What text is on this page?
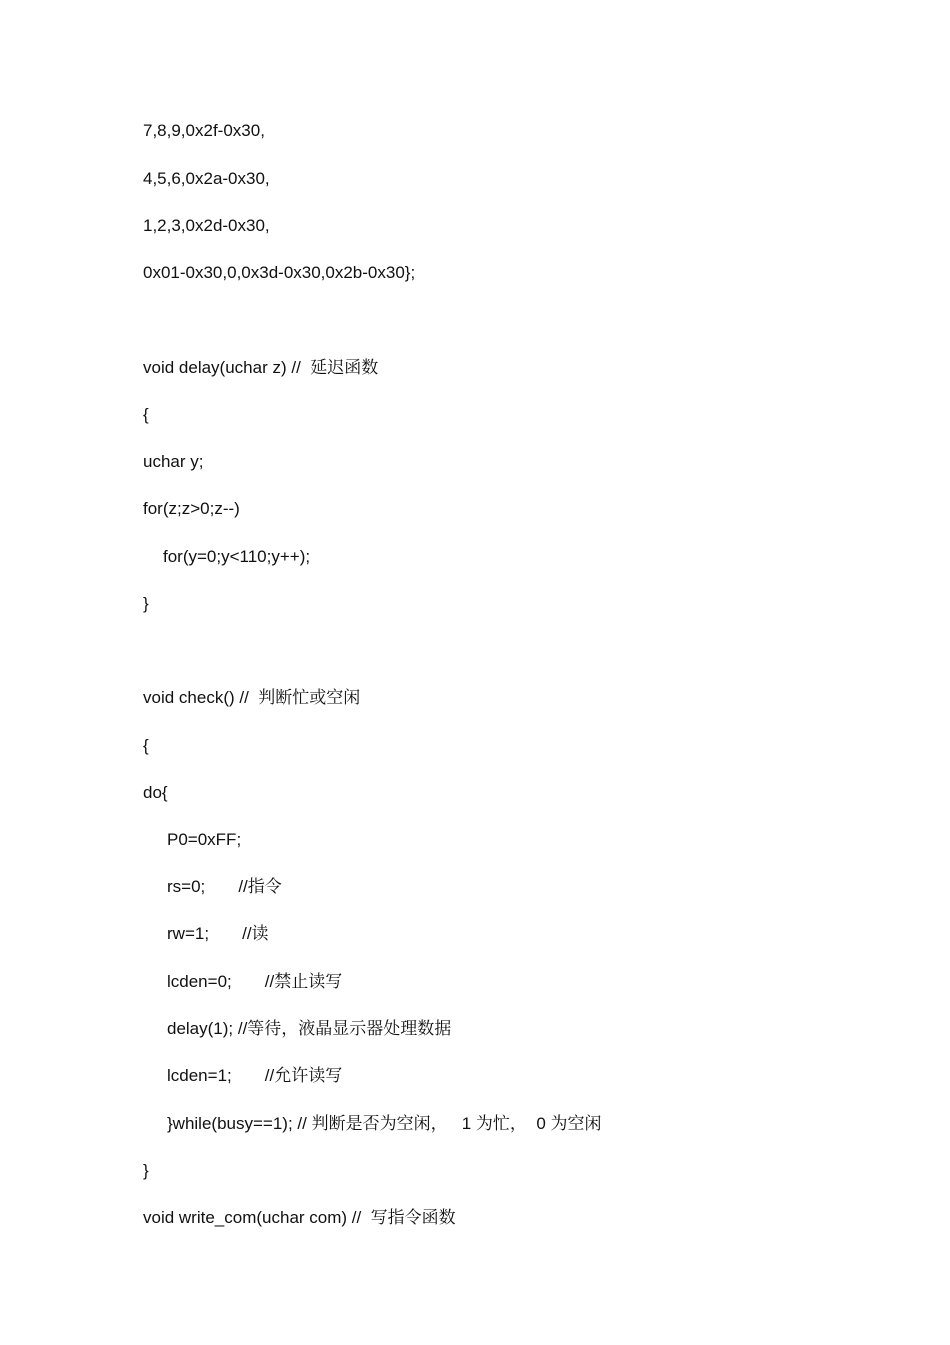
7,8,9,0x2f-0x30,
4,5,6,0x2a-0x30,
1,2,3,0x2d-0x30,
0x01-0x30,0,0x3d-0x30,0x2b-0x30};
void delay(uchar z) //  延迟函数
{
uchar y;
for(z;z>0;z--)
for(y=0;y<110;y++);
}
void check() //  判断忙或空闲
{
do{
P0=0xFF;
rs=0;       //指令
rw=1;       //读
lcden=0;       //禁止读写
delay(1); //等待，液晶显示器处理数据
lcden=1;       //允许读写
}while(busy==1); // 判断是否为空闲，   1 为忙，  0 为空闲
}
void write_com(uchar com) //  写指令函数
